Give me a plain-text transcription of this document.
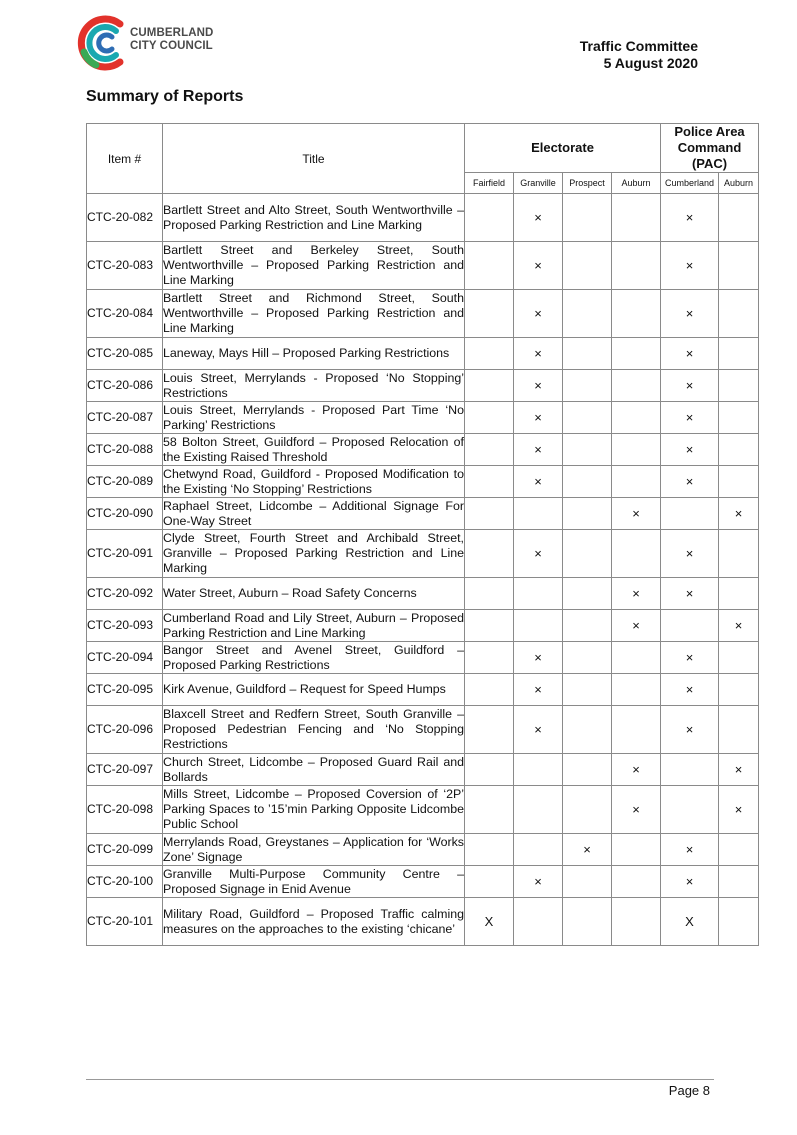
CUMBERLAND
CITY COUNCIL	Traffic Committee
5 August 2020
Summary of Reports
Item #	Title	Electorate				Police Area Command (PAC)	
		Fairfield	Granville	Prospect	Auburn	Cumberland	Auburn
CTC-20-082	Bartlett Street and Alto Street, South Wentworthville – Proposed Parking Restriction and Line Marking		×			×	
CTC-20-083	Bartlett Street and Berkeley Street, South Wentworthville – Proposed Parking Restriction and Line Marking		×			×	
CTC-20-084	Bartlett Street and Richmond Street, South Wentworthville – Proposed Parking Restriction and Line Marking		×			×	
CTC-20-085	Laneway, Mays Hill – Proposed Parking Restrictions		×			×	
CTC-20-086	Louis Street, Merrylands - Proposed ‘No Stopping’ Restrictions		×			×	
CTC-20-087	Louis Street, Merrylands - Proposed Part Time ‘No Parking’ Restrictions		×			×	
CTC-20-088	58 Bolton Street, Guildford – Proposed Relocation of the Existing Raised Threshold		×			×	
CTC-20-089	Chetwynd Road, Guildford - Proposed Modification to the Existing ‘No Stopping’ Restrictions		×			×	
CTC-20-090	Raphael Street, Lidcombe – Additional Signage For One-Way Street				×		×
CTC-20-091	Clyde Street, Fourth Street and Archibald Street, Granville – Proposed Parking Restriction and Line Marking		×			×	
CTC-20-092	Water Street, Auburn – Road Safety Concerns				×	×	
CTC-20-093	Cumberland Road and Lily Street, Auburn – Proposed Parking Restriction and Line Marking				×		×
CTC-20-094	Bangor Street and Avenel Street, Guildford – Proposed Parking Restrictions		×			×	
CTC-20-095	Kirk Avenue, Guildford – Request for Speed Humps		×			×	
CTC-20-096	Blaxcell Street and Redfern Street, South Granville – Proposed Pedestrian Fencing and ‘No Stopping Restrictions		×			×	
CTC-20-097	Church Street, Lidcombe – Proposed Guard Rail and Bollards				×		×
CTC-20-098	Mills Street, Lidcombe – Proposed Coversion of ‘2P’ Parking Spaces to ’15’min Parking Opposite Lidcombe Public School				×		×
CTC-20-099	Merrylands Road, Greystanes – Application for ‘Works Zone’ Signage			×		×	
CTC-20-100	Granville Multi-Purpose Community Centre – Proposed Signage in Enid Avenue		×			×	
CTC-20-101	Military Road, Guildford – Proposed Traffic calming measures on the approaches to the existing ‘chicane’	X				X	
Page 8
